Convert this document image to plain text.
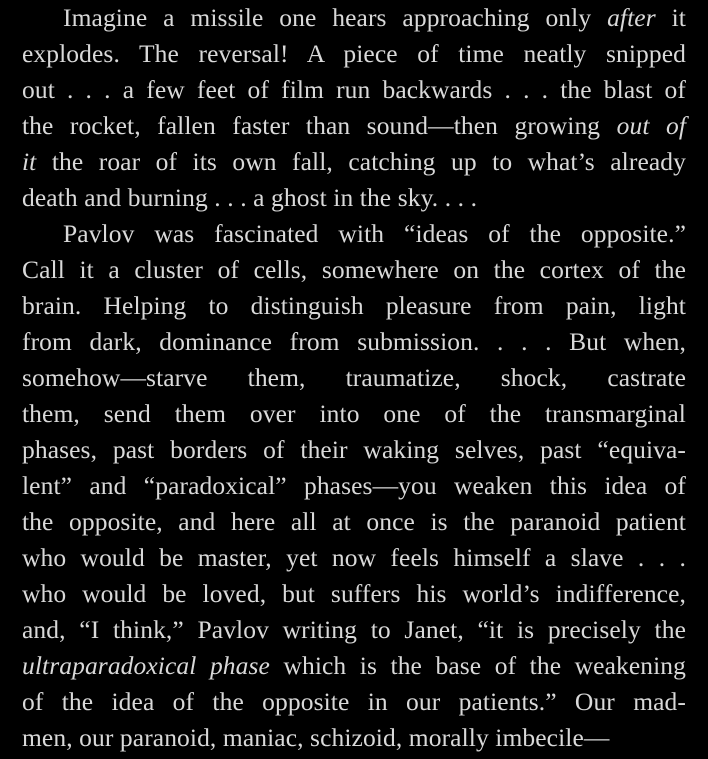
Imagine a missile one hears approaching only after it
explodes. The reversal! A piece of time neatly snipped
out . . . a few feet of film run backwards . . . the blast of
the rocket, fallen faster than sound—then growing out of
it the roar of its own fall, catching up to what’s already
death and burning . . . a ghost in the sky. . . .
Pavlov was fascinated with “ideas of the opposite.”
Call it a cluster of cells, somewhere on the cortex of the
brain. Helping to distinguish pleasure from pain, light
from dark, dominance from submission. . . . But when,
somehow—starve them, traumatize, shock, castrate
them, send them over into one of the transmarginal
phases, past borders of their waking selves, past “equiva-
lent” and “paradoxical” phases—you weaken this idea of
the opposite, and here all at once is the paranoid patient
who would be master, yet now feels himself a slave . . .
who would be loved, but suffers his world’s indifference,
and, “I think,” Pavlov writing to Janet, “it is precisely the
ultraparadoxical phase which is the base of the weakening
of the idea of the opposite in our patients.” Our mad-
men, our paranoid, maniac, schizoid, morally imbecile—
